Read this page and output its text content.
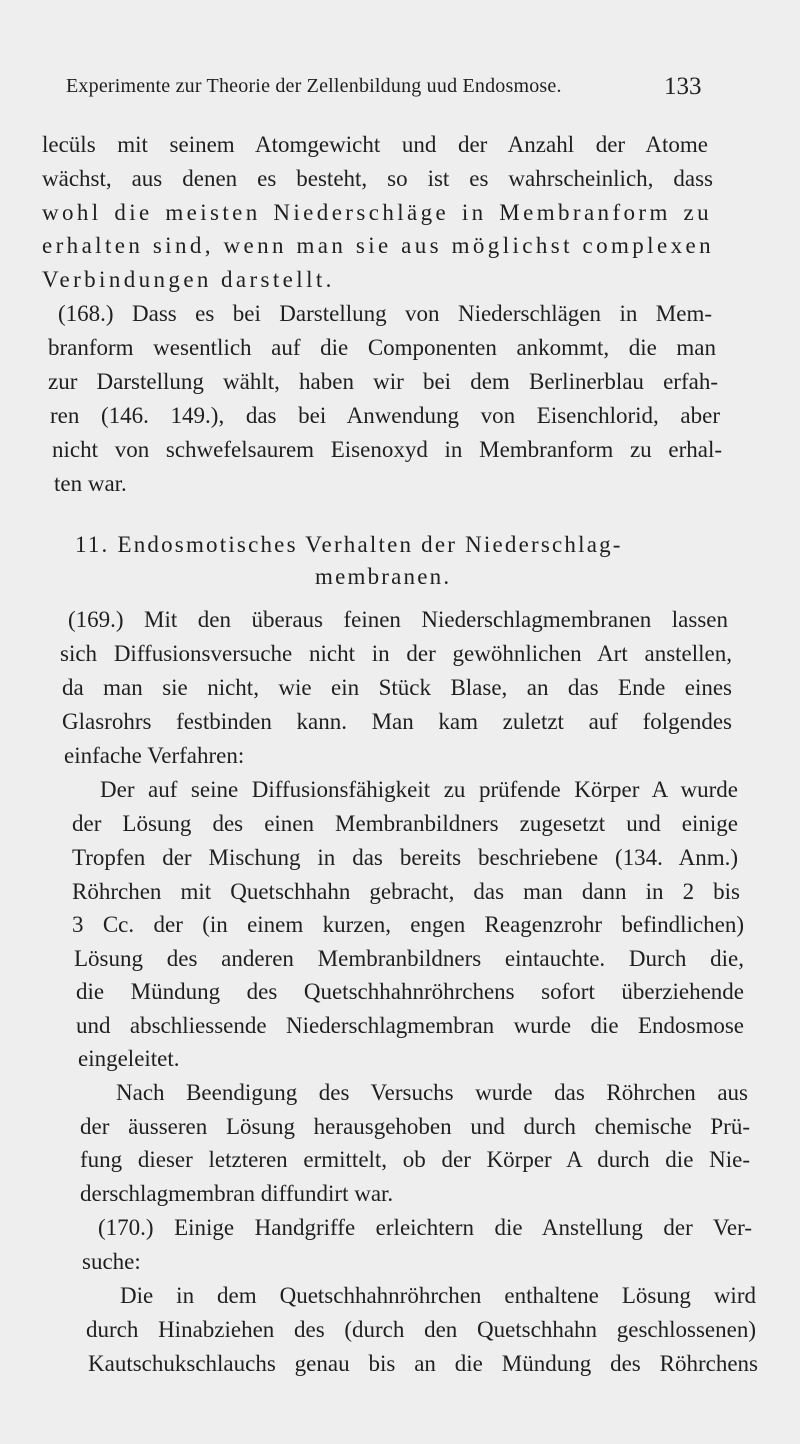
Experimente zur Theorie der Zellenbildung uud Endosmose.	133
lecüls mit seinem Atomgewicht und der Anzahl der Atome
wächst, aus denen es besteht, so ist es wahrscheinlich, dass
wohl die meisten Niederschläge in Membranform zu
erhalten sind, wenn man sie aus möglichst complexen
Verbindungen darstellt.
(168.) Dass es bei Darstellung von Niederschlägen in Mem-
branform wesentlich auf die Componenten ankommt, die man
zur Darstellung wählt, haben wir bei dem Berlinerblau erfah-
ren (146. 149.), das bei Anwendung von Eisenchlorid, aber
nicht von schwefelsaurem Eisenoxyd in Membranform zu erhal-
ten war.
11. Endosmotisches Verhalten der Niederschlag-
membranen.
(169.) Mit den überaus feinen Niederschlagmembranen lassen
sich Diffusionsversuche nicht in der gewöhnlichen Art anstellen,
da man sie nicht, wie ein Stück Blase, an das Ende eines
Glasrohrs festbinden kann. Man kam zuletzt auf folgendes
einfache Verfahren:
Der auf seine Diffusionsfähigkeit zu prüfende Körper A wurde
der Lösung des einen Membranbildners zugesetzt und einige
Tropfen der Mischung in das bereits beschriebene (134. Anm.)
Röhrchen mit Quetschhahn gebracht, das man dann in 2 bis
3 Cc. der (in einem kurzen, engen Reagenzrohr befindlichen)
Lösung des anderen Membranbildners eintauchte. Durch die,
die Mündung des Quetschhahnröhrchens sofort überziehende
und abschliessende Niederschlagmembran wurde die Endosmose
eingeleitet.
Nach Beendigung des Versuchs wurde das Röhrchen aus
der äusseren Lösung herausgehoben und durch chemische Prü-
fung dieser letzteren ermittelt, ob der Körper A durch die Nie-
derschlagmembran diffundirt war.
(170.) Einige Handgriffe erleichtern die Anstellung der Ver-
suche:
Die in dem Quetschhahnröhrchen enthaltene Lösung wird
durch Hinabziehen des (durch den Quetschhahn geschlossenen)
Kautschukschlauchs genau bis an die Mündung des Röhrchens
